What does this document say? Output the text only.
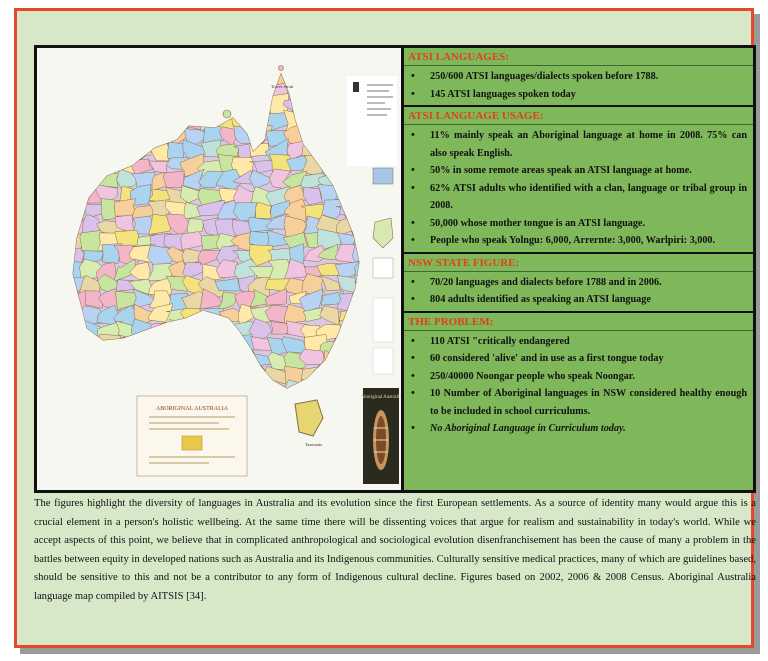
ABORIGINAL AUSTRALIA
Aboriginal Australia
Tasmania
Torres Strait
ATSI LANGUAGES:
• 250/600 ATSI languages/dialects spoken before 1788.
• 145 ATSI languages spoken today
ATSI LANGUAGE USAGE:
• 11% mainly speak an Aboriginal language at home in 2008. 75% can also speak English.
• 50% in some remote areas speak an ATSI language at home.
• 62% ATSI adults who identified with a clan, language or tribal group in 2008.
• 50,000 whose mother tongue is an ATSI language.
• People who speak Yolngu: 6,000, Arrernte: 3,000, Warlpiri: 3,000.
NSW STATE FIGURE:
• 70/20 languages and dialects before 1788 and in 2006.
• 804 adults identified as speaking an ATSI language
THE PROBLEM:
• 110 ATSI "critically endangered
• 60 considered 'alive' and in use as a first tongue today
• 250/40000 Noongar people who speak Noongar.
• 10 Number of Aboriginal languages in NSW considered healthy enough to be included in school curriculums.
• No Aboriginal Language in Curriculum today.
The figures highlight the diversity of languages in Australia and its evolution since the first European settlements. As a source of identity many would argue this is a crucial element in a person's holistic wellbeing. At the same time there will be dissenting voices that argue for realism and sustainability in today's world. While we accept aspects of this point, we believe that in complicated anthropological and sociological evolution disenfranchisement has been the cause of many a problem in the battles between equity in developed nations such as Australia and its Indigenous communities. Culturally sensitive medical practices, many of which are guidelines based, should be sensitive to this and not be a contributor to any form of Indigenous cultural decline. Figures based on 2002, 2006 & 2008 Census. Aboriginal Australia language map compiled by AITSIS [34].
